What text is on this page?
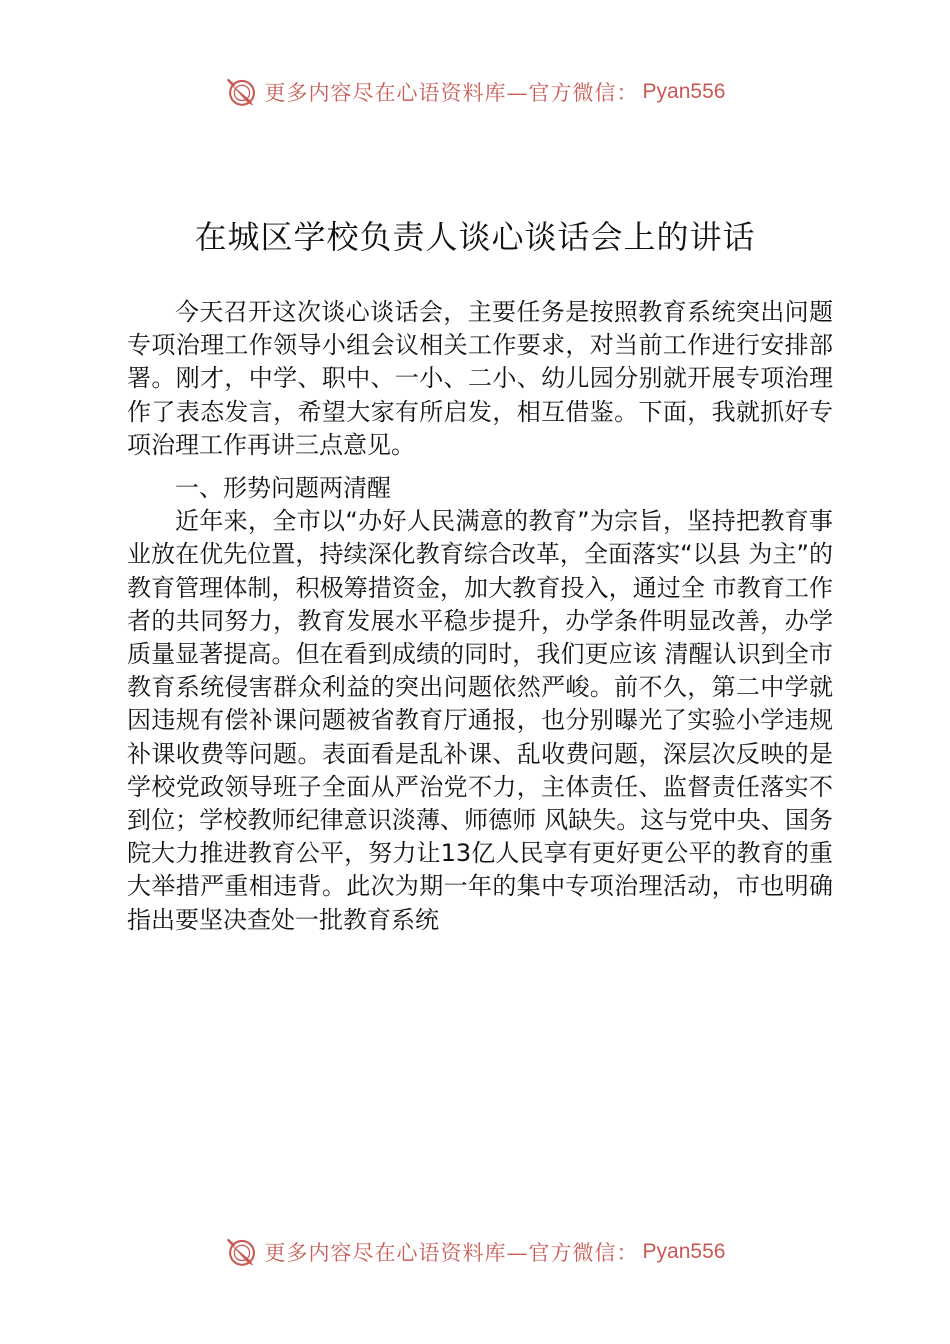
更多内容尽在心语资料库—官方微信： Pyan556
在城区学校负责人谈心谈话会上的讲话

今天召开这次谈心谈话会，主要任务是按照教育系统突出问题专项治理工作领导小组会议相关工作要求，对当前工作进行安排部署。刚才，中学、职中、一小、二小、幼儿园分别就开展专项治理作了表态发言，希望大家有所启发，相互借鉴。下面，我就抓好专项治理工作再讲三点意见。

一、形势问题两清醒

近年来，全市以“办好人民满意的教育”为宗旨，坚持把教育事业放在优先位置，持续深化教育综合改革，全面落实“以县 为主”的教育管理体制，积极筹措资金，加大教育投入，通过全 市教育工作者的共同努力，教育发展水平稳步提升，办学条件明显改善，办学质量显著提高。但在看到成绩的同时，我们更应该 清醒认识到全市教育系统侵害群众利益的突出问题依然严峻。前不久，第二中学就因违规有偿补课问题被省教育厅通报，也分别曝光了实验小学违规补课收费等问题。表面看是乱补课、乱收费问题，深层次反映的是学校党政领导班子全面从严治党不力，主体责任、监督责任落实不到位；学校教师纪律意识淡薄、师德师 风缺失。这与党中央、国务院大力推进教育公平，努力让13亿人民享有更好更公平的教育的重大举措严重相违背。此次为期一年的集中专项治理活动，市也明确指出要坚决查处一批教育系统

更多内容尽在心语资料库—官方微信： Pyan556
